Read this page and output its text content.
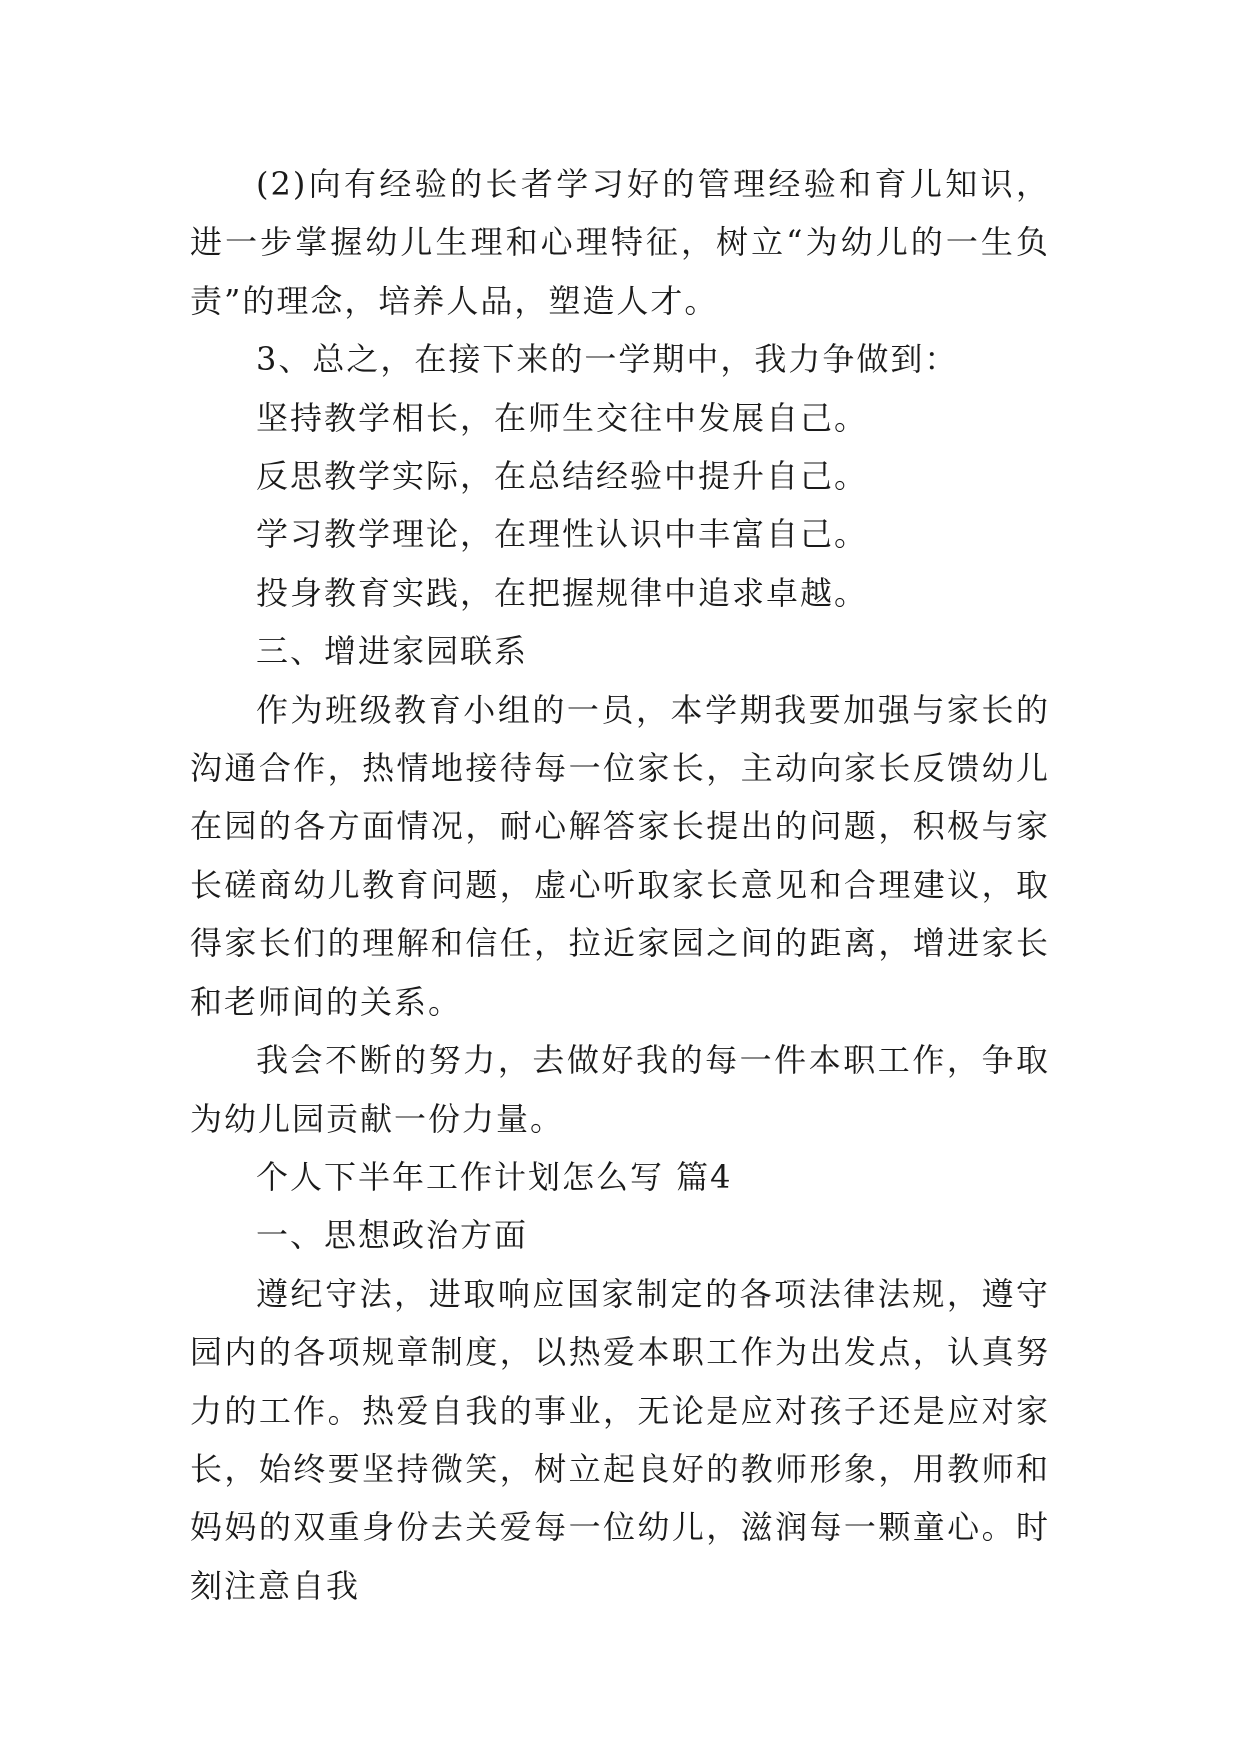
(2)向有经验的长者学习好的管理经验和育儿知识，进一步掌握幼儿生理和心理特征，树立“为幼儿的一生负责”的理念，培养人品，塑造人才。

3、总之，在接下来的一学期中，我力争做到：

坚持教学相长，在师生交往中发展自己。

反思教学实际，在总结经验中提升自己。

学习教学理论，在理性认识中丰富自己。

投身教育实践，在把握规律中追求卓越。

三、增进家园联系

作为班级教育小组的一员，本学期我要加强与家长的沟通合作，热情地接待每一位家长，主动向家长反馈幼儿在园的各方面情况，耐心解答家长提出的问题，积极与家长磋商幼儿教育问题，虚心听取家长意见和合理建议，取得家长们的理解和信任，拉近家园之间的距离，增进家长和老师间的关系。

我会不断的努力，去做好我的每一件本职工作，争取为幼儿园贡献一份力量。

个人下半年工作计划怎么写 篇4

一、思想政治方面

遵纪守法，进取响应国家制定的各项法律法规，遵守园内的各项规章制度，以热爱本职工作为出发点，认真努力的工作。热爱自我的事业，无论是应对孩子还是应对家长，始终要坚持微笑，树立起良好的教师形象，用教师和妈妈的双重身份去关爱每一位幼儿，滋润每一颗童心。时刻注意自我
